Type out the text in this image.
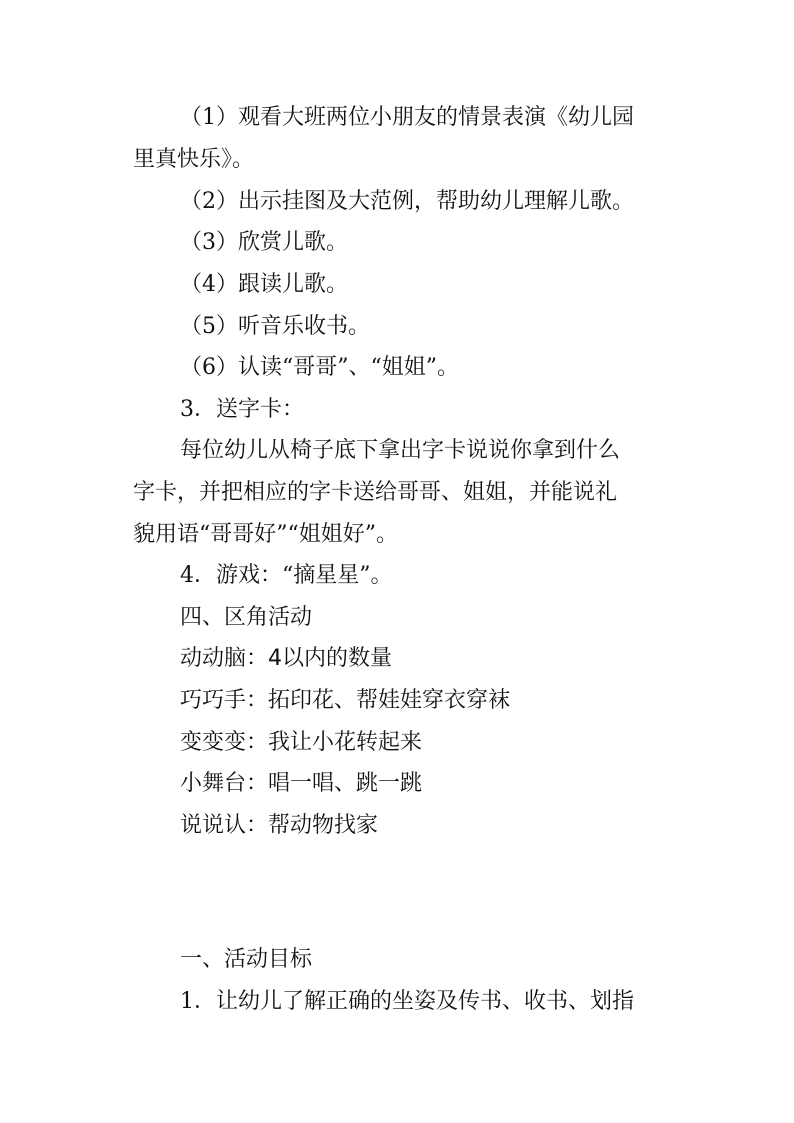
（1）观看大班两位小朋友的情景表演《幼儿园
里真快乐》。
（2）出示挂图及大范例，帮助幼儿理解儿歌。
（3）欣赏儿歌。
（4）跟读儿歌。
（5）听音乐收书。
（6）认读“哥哥”、“姐姐”。
3．送字卡：
每位幼儿从椅子底下拿出字卡说说你拿到什么
字卡，并把相应的字卡送给哥哥、姐姐，并能说礼
貌用语“哥哥好”“姐姐好”。
4．游戏：“摘星星”。
四、区角活动
动动脑：4以内的数量
巧巧手：拓印花、帮娃娃穿衣穿袜
变变变：我让小花转起来
小舞台：唱一唱、跳一跳
说说认：帮动物找家
一、活动目标
1．让幼儿了解正确的坐姿及传书、收书、划指
